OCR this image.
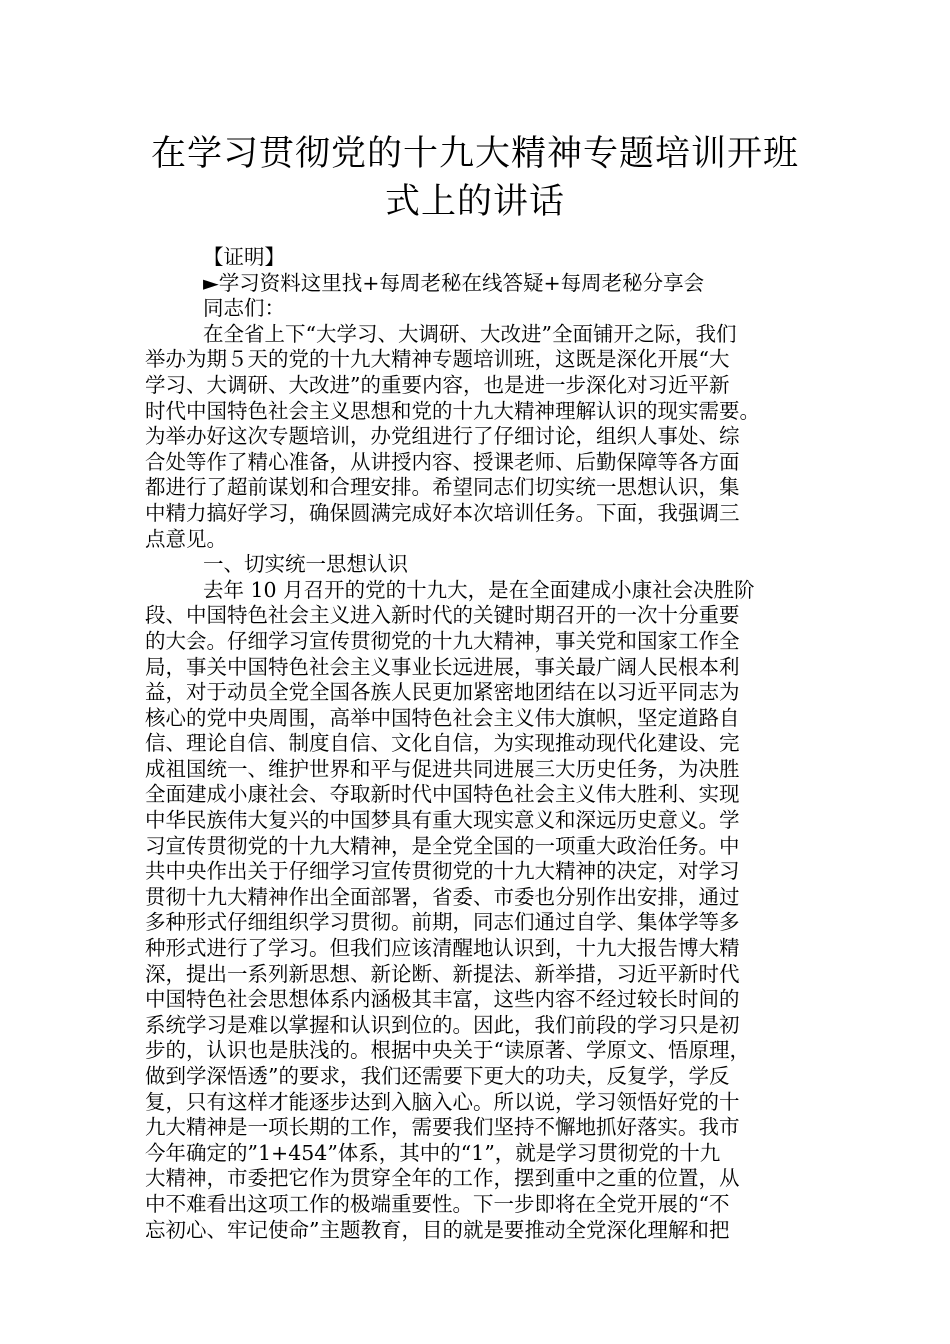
在学习贯彻党的十九大精神专题培训开班
式上的讲话
【证明】
►学习资料这里找+每周老秘在线答疑+每周老秘分享会
同志们：
在全省上下“大学习、大调研、大改进”全面铺开之际，我们
举办为期５天的党的十九大精神专题培训班，这既是深化开展“大
学习、大调研、大改进”的重要内容，也是进一步深化对习近平新
时代中国特色社会主义思想和党的十九大精神理解认识的现实需要。
为举办好这次专题培训，办党组进行了仔细讨论，组织人事处、综
合处等作了精心准备，从讲授内容、授课老师、后勤保障等各方面
都进行了超前谋划和合理安排。希望同志们切实统一思想认识，集
中精力搞好学习，确保圆满完成好本次培训任务。下面，我强调三
点意见。
一、切实统一思想认识
去年 10 月召开的党的十九大，是在全面建成小康社会决胜阶
段、中国特色社会主义进入新时代的关键时期召开的一次十分重要
的大会。仔细学习宣传贯彻党的十九大精神，事关党和国家工作全
局，事关中国特色社会主义事业长远进展，事关最广阔人民根本利
益，对于动员全党全国各族人民更加紧密地团结在以习近平同志为
核心的党中央周围，高举中国特色社会主义伟大旗帜，坚定道路自
信、理论自信、制度自信、文化自信，为实现推动现代化建设、完
成祖国统一、维护世界和平与促进共同进展三大历史任务，为决胜
全面建成小康社会、夺取新时代中国特色社会主义伟大胜利、实现
中华民族伟大复兴的中国梦具有重大现实意义和深远历史意义。学
习宣传贯彻党的十九大精神，是全党全国的一项重大政治任务。中
共中央作出关于仔细学习宣传贯彻党的十九大精神的决定，对学习
贯彻十九大精神作出全面部署，省委、市委也分别作出安排，通过
多种形式仔细组织学习贯彻。前期，同志们通过自学、集体学等多
种形式进行了学习。但我们应该清醒地认识到，十九大报告博大精
深，提出一系列新思想、新论断、新提法、新举措，习近平新时代
中国特色社会思想体系内涵极其丰富，这些内容不经过较长时间的
系统学习是难以掌握和认识到位的。因此，我们前段的学习只是初
步的，认识也是肤浅的。根据中央关于“读原著、学原文、悟原理，
做到学深悟透”的要求，我们还需要下更大的功夫，反复学，学反
复，只有这样才能逐步达到入脑入心。所以说，学习领悟好党的十
九大精神是一项长期的工作，需要我们坚持不懈地抓好落实。我市
今年确定的”1+454”体系，其中的“1”，就是学习贯彻党的十九
大精神，市委把它作为贯穿全年的工作，摆到重中之重的位置，从
中不难看出这项工作的极端重要性。下一步即将在全党开展的“不
忘初心、牢记使命”主题教育，目的就是要推动全党深化理解和把
